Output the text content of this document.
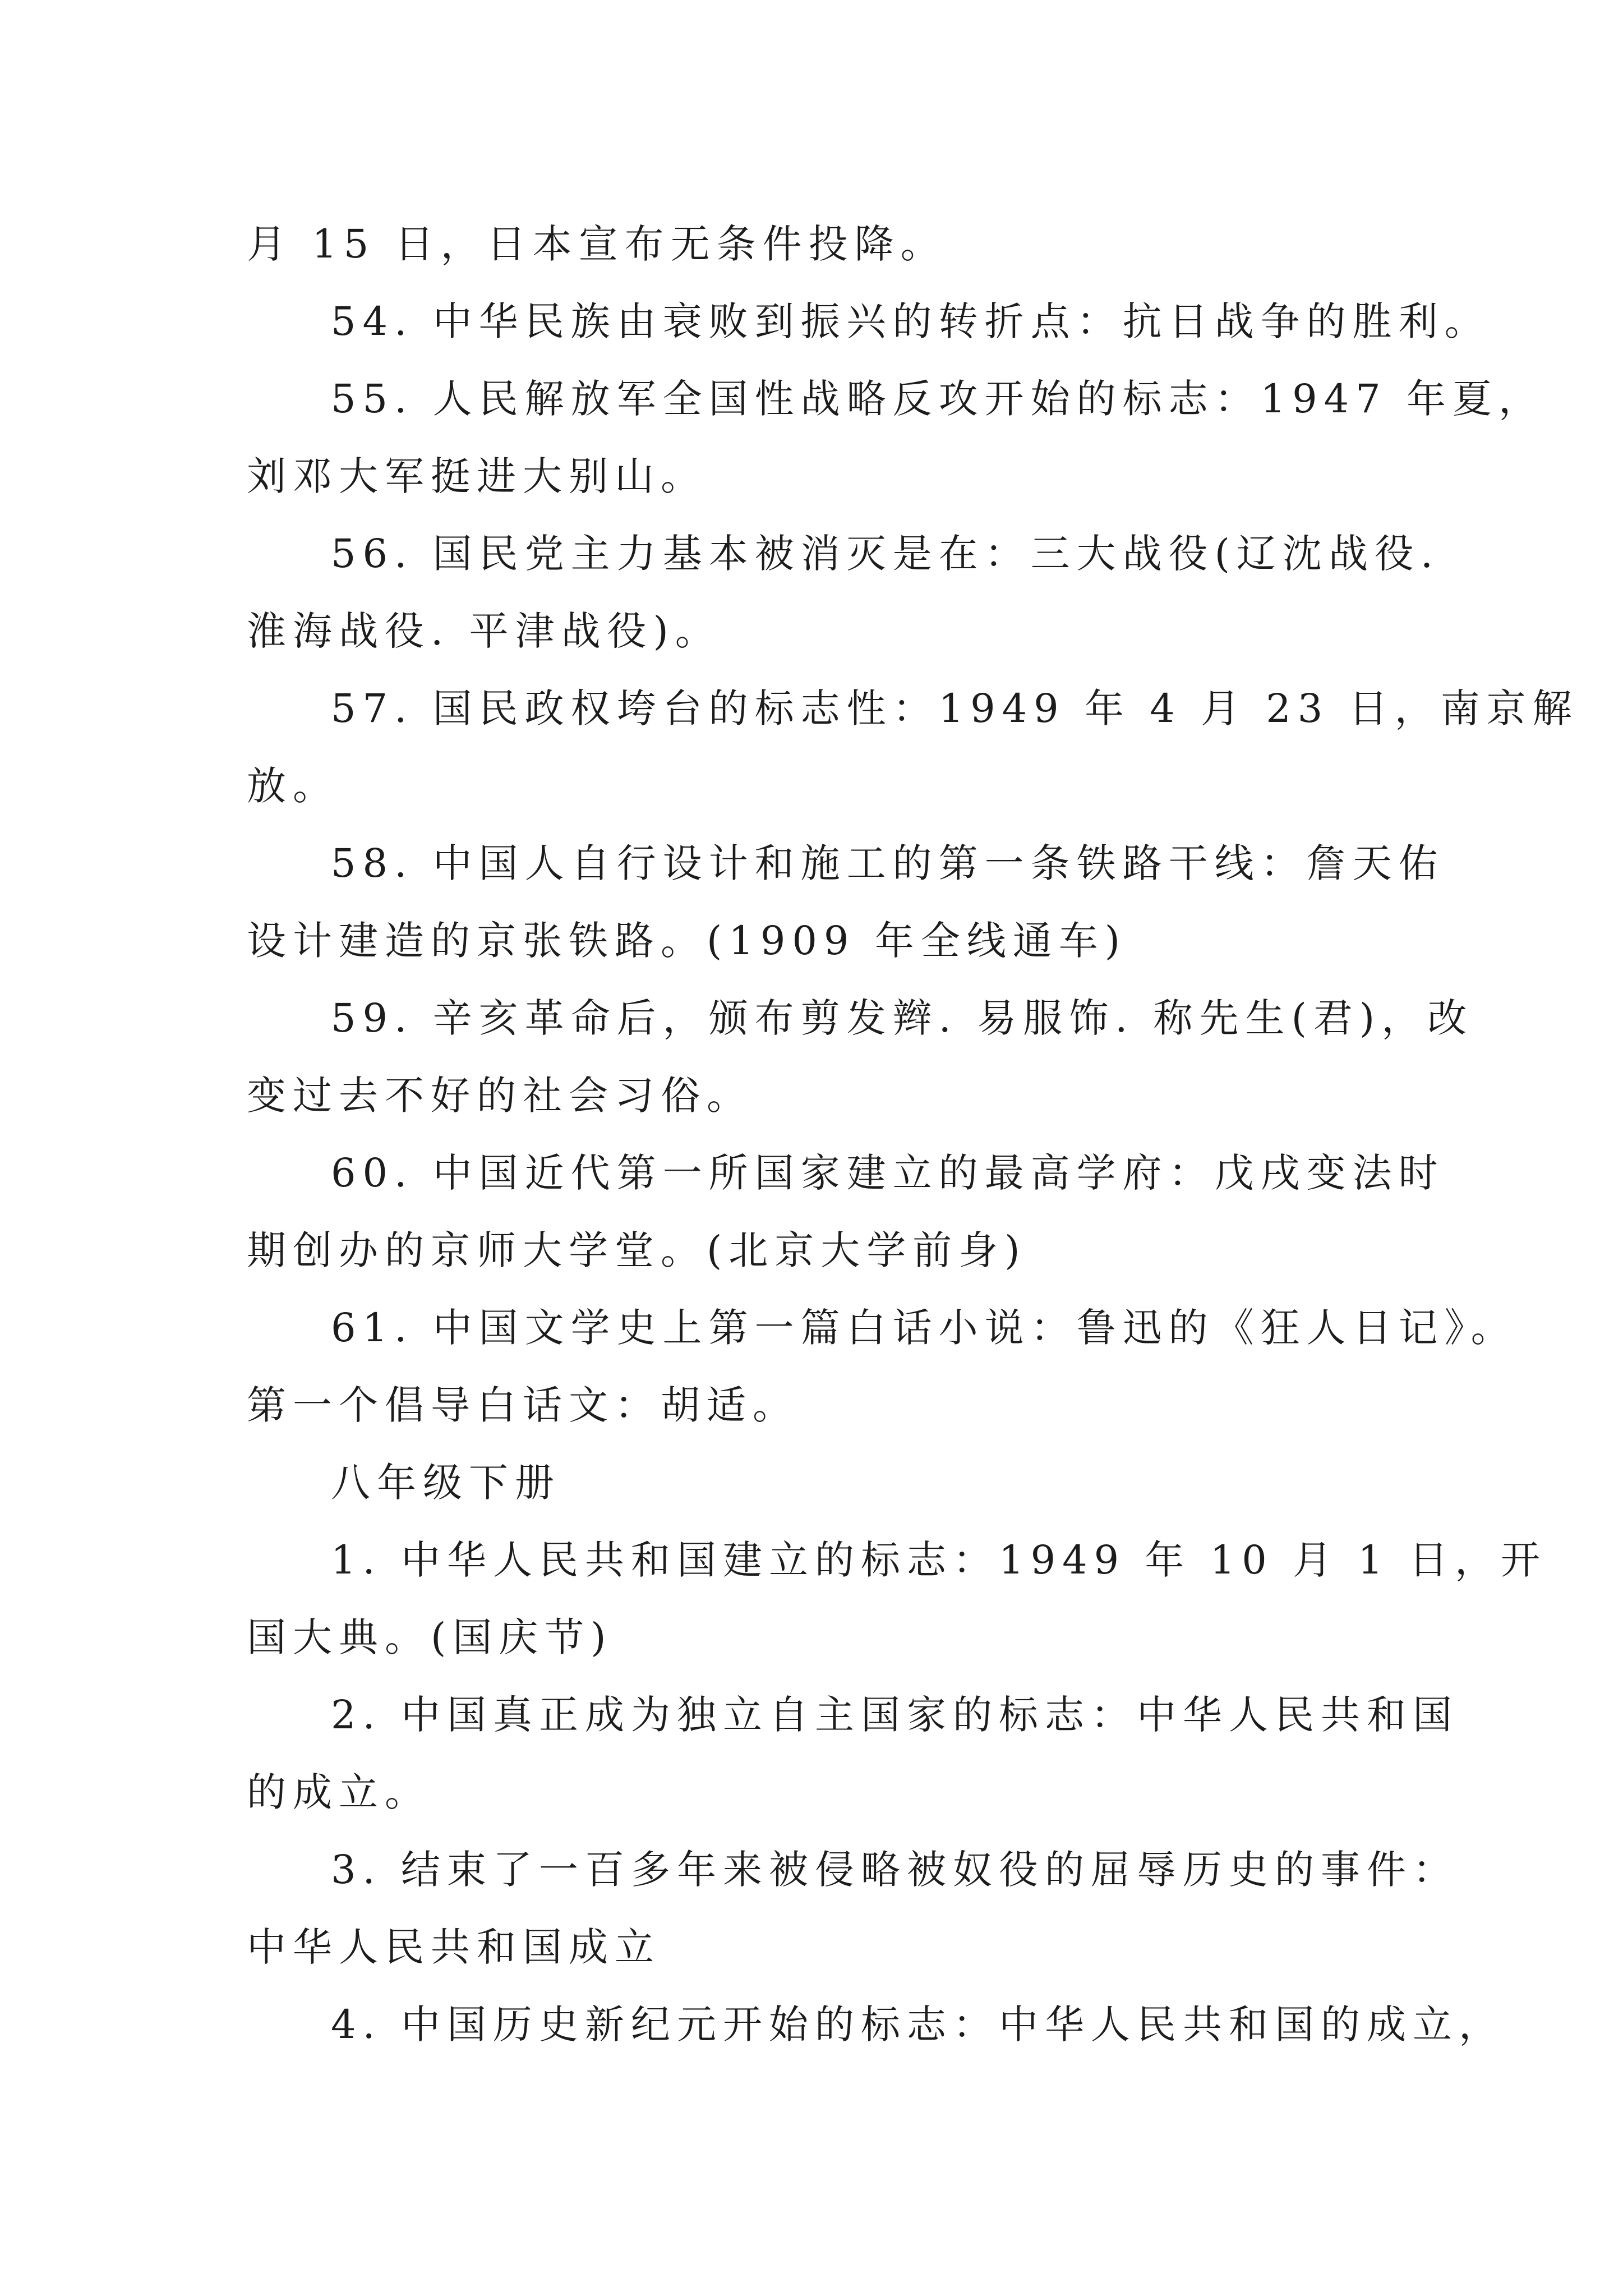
月 15 日，日本宣布无条件投降。
54. 中华民族由衰败到振兴的转折点：抗日战争的胜利。
55. 人民解放军全国性战略反攻开始的标志：1947 年夏，
刘邓大军挺进大别山。
56. 国民党主力基本被消灭是在：三大战役(辽沈战役.
淮海战役. 平津战役)。
57. 国民政权垮台的标志性：1949 年 4 月 23 日，南京解
放。
58. 中国人自行设计和施工的第一条铁路干线：詹天佑
设计建造的京张铁路。(1909 年全线通车)
59. 辛亥革命后，颁布剪发辫. 易服饰. 称先生(君)，改
变过去不好的社会习俗。
60. 中国近代第一所国家建立的最高学府：戊戌变法时
期创办的京师大学堂。(北京大学前身)
61. 中国文学史上第一篇白话小说：鲁迅的《狂人日记》。
第一个倡导白话文：胡适。
八年级下册
1. 中华人民共和国建立的标志：1949 年 10 月 1 日，开
国大典。(国庆节)
2. 中国真正成为独立自主国家的标志：中华人民共和国
的成立。
3. 结束了一百多年来被侵略被奴役的屈辱历史的事件：
中华人民共和国成立
4. 中国历史新纪元开始的标志：中华人民共和国的成立，
